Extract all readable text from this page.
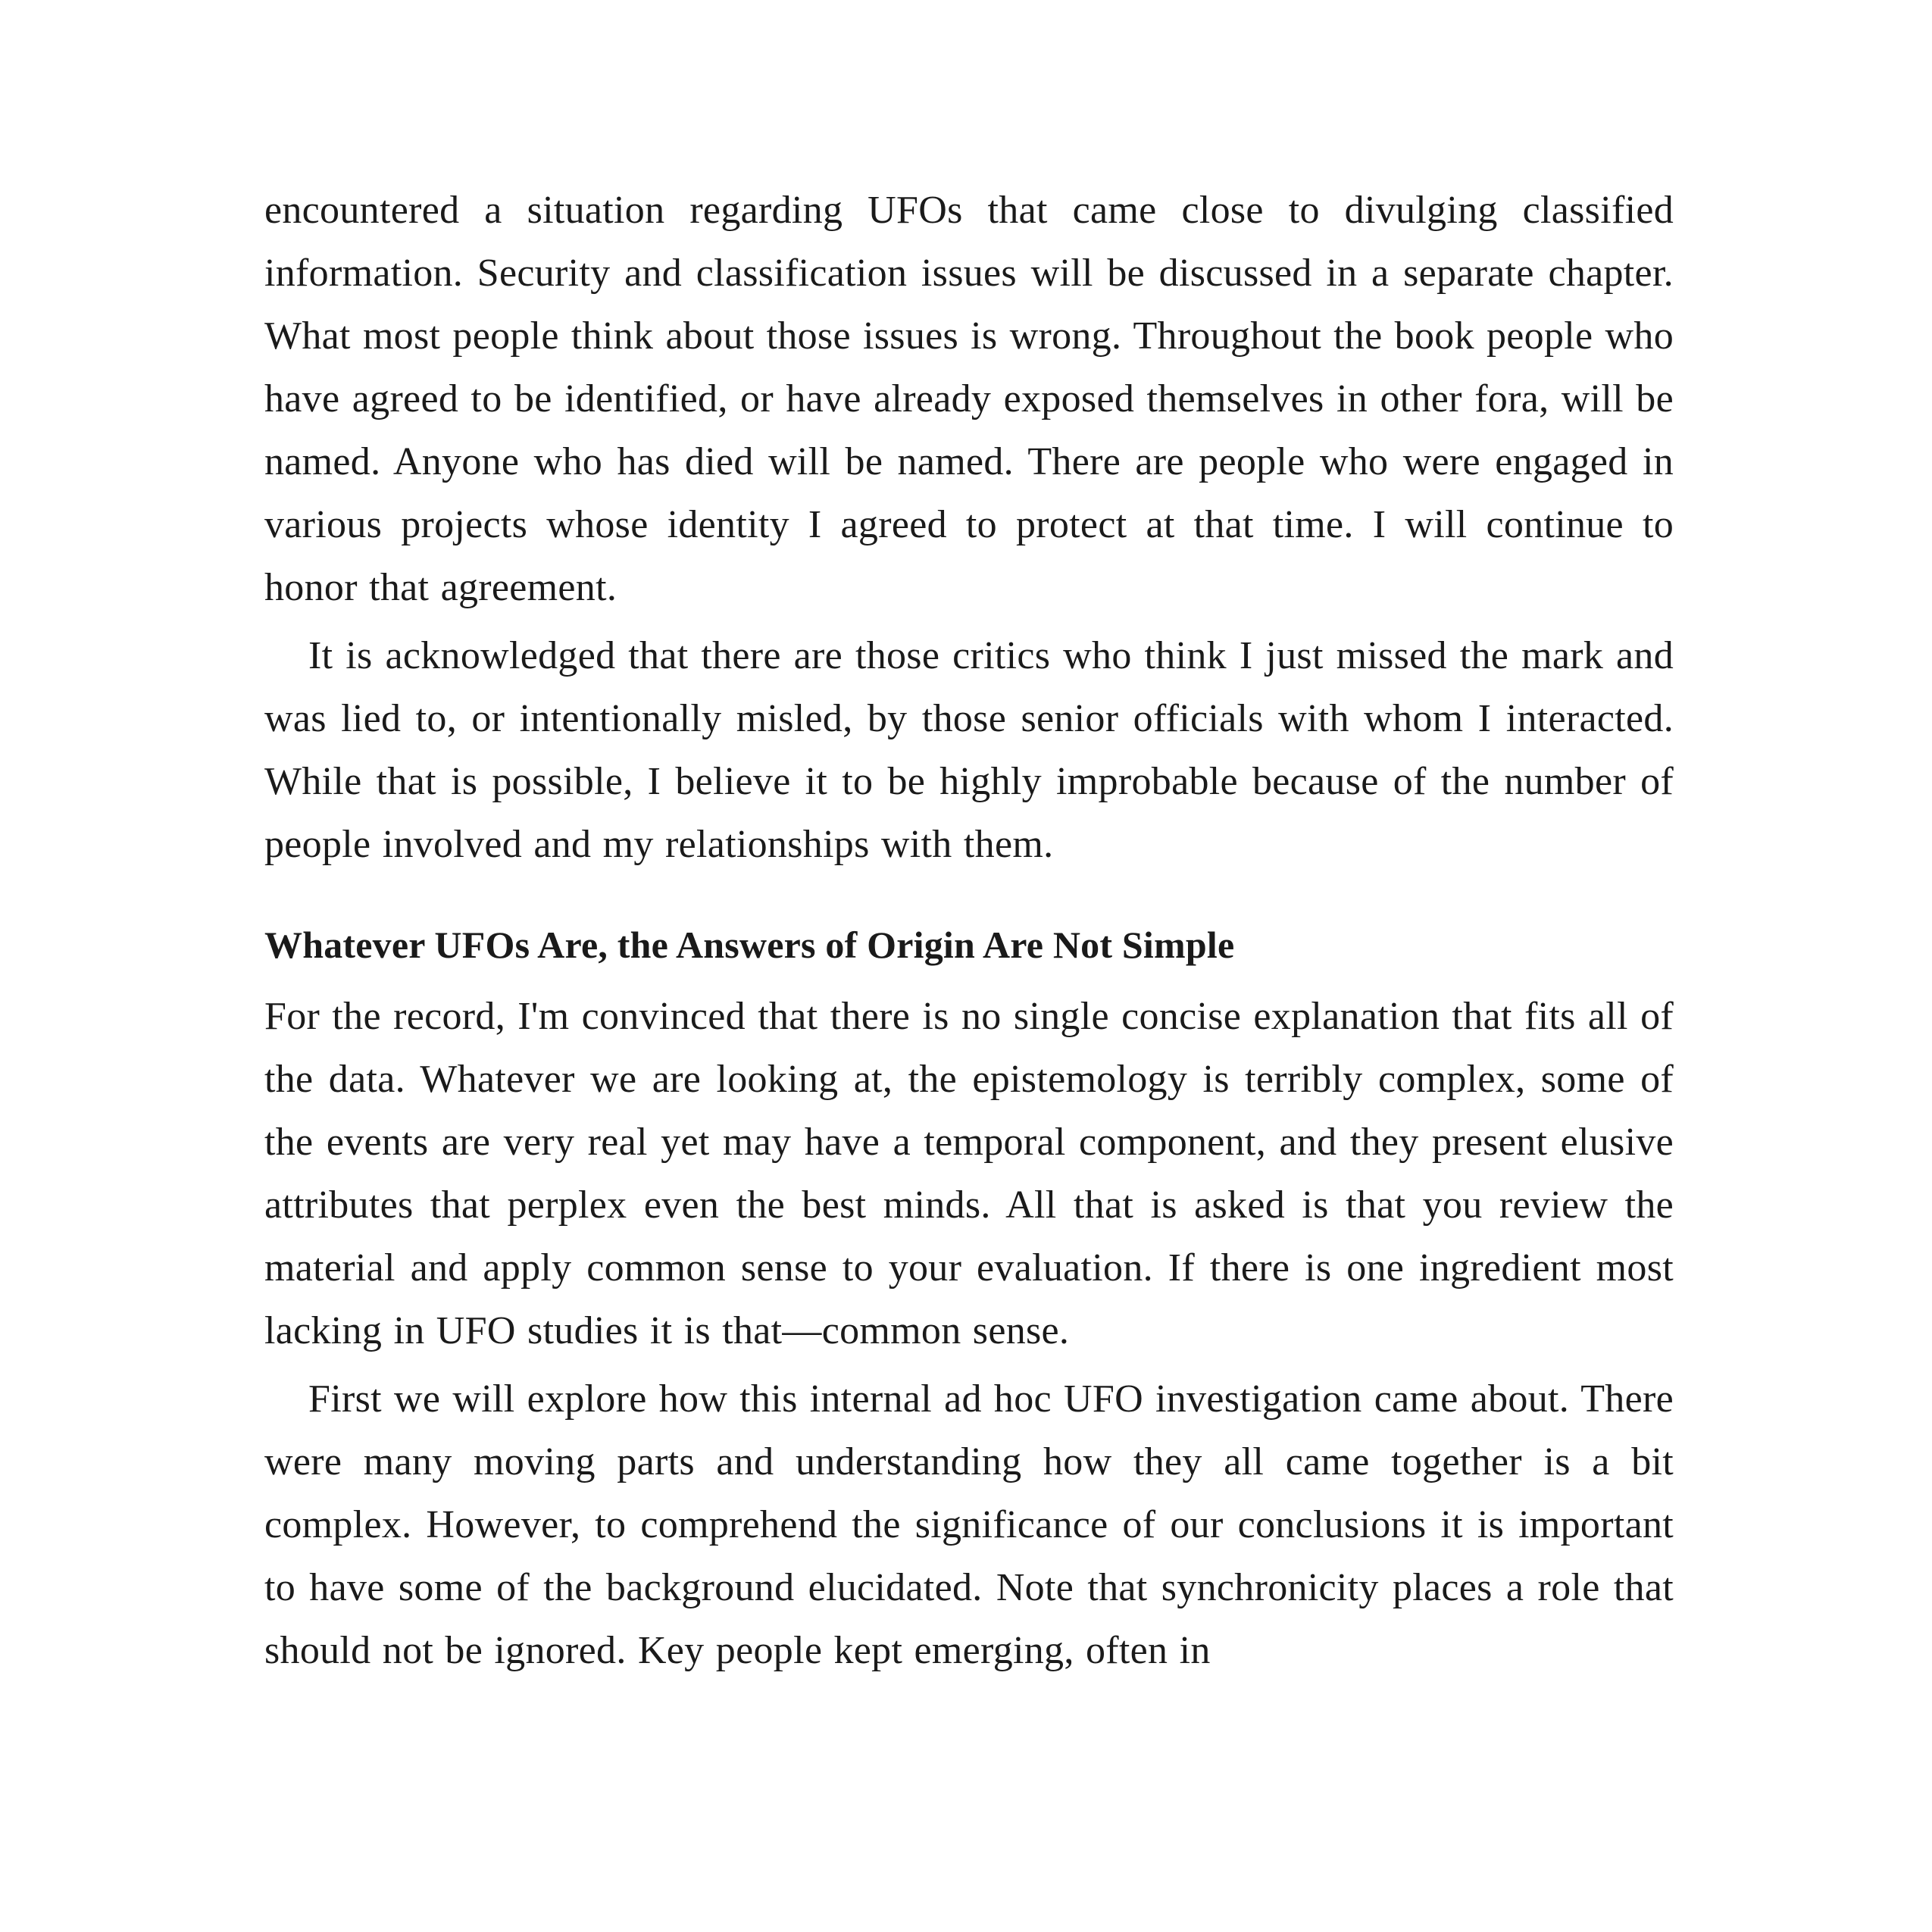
encountered a situation regarding UFOs that came close to divulging classified information. Security and classification issues will be discussed in a separate chapter. What most people think about those issues is wrong. Throughout the book people who have agreed to be identified, or have already exposed themselves in other fora, will be named. Anyone who has died will be named. There are people who were engaged in various projects whose identity I agreed to protect at that time. I will continue to honor that agreement.

It is acknowledged that there are those critics who think I just missed the mark and was lied to, or intentionally misled, by those senior officials with whom I interacted. While that is possible, I believe it to be highly improbable because of the number of people involved and my relationships with them.

Whatever UFOs Are, the Answers of Origin Are Not Simple

For the record, I'm convinced that there is no single concise explanation that fits all of the data. Whatever we are looking at, the epistemology is terribly complex, some of the events are very real yet may have a temporal component, and they present elusive attributes that perplex even the best minds. All that is asked is that you review the material and apply common sense to your evaluation. If there is one ingredient most lacking in UFO studies it is that—common sense.

First we will explore how this internal ad hoc UFO investigation came about. There were many moving parts and understanding how they all came together is a bit complex. However, to comprehend the significance of our conclusions it is important to have some of the background elucidated. Note that synchronicity places a role that should not be ignored. Key people kept emerging, often in
